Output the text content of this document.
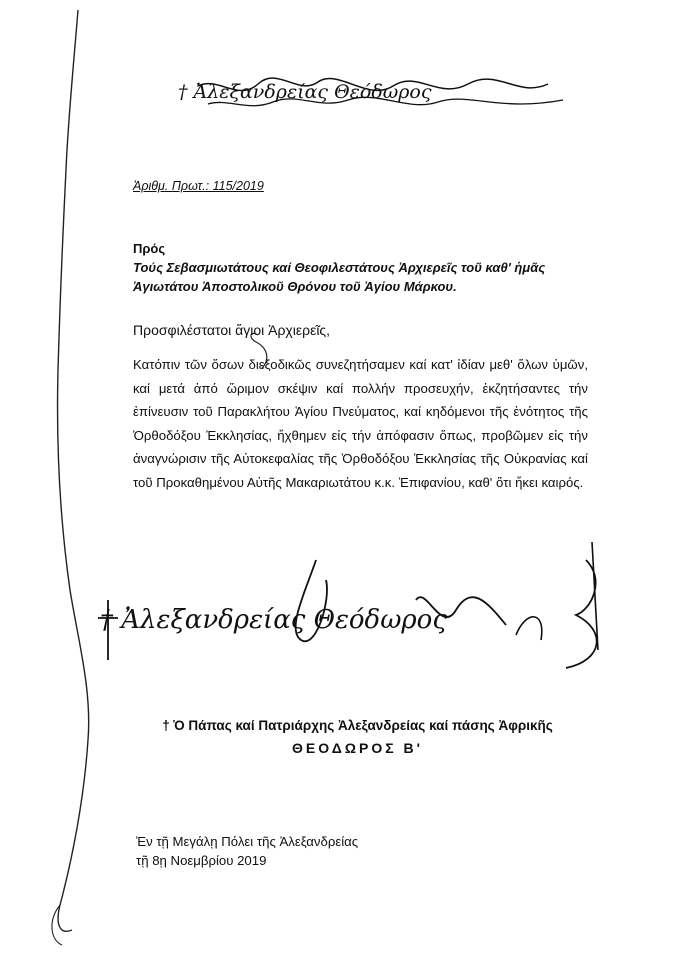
† Ἀλεξανδρείας Θεόδωρος
Ἀριθμ. Πρωτ.: 115/2019
Πρός
Τούς Σεβασμιωτάτους καί Θεοφιλεστάτους Ἀρχιερεῖς τοῦ καθ' ἡμᾶς
Ἁγιωτάτου Ἀποστολικοῦ Θρόνου τοῦ Ἁγίου Μάρκου.
Προσφιλέστατοι ἅγιοι Ἀρχιερεῖς,
Κατόπιν τῶν ὅσων διεξοδικῶς συνεζητήσαμεν καί κατ' ἰδίαν μεθ' ὅλων ὑμῶν, καί μετά ἀπό ὥριμον σκέψιν καί πολλήν προσευχήν, ἐκζητήσαντες τήν ἐπίνευσιν τοῦ Παρακλήτου Ἁγίου Πνεύματος, καί κηδόμενοι τῆς ἑνότητος τῆς Ὀρθοδόξου Ἐκκλησίας, ἤχθημεν εἰς τήν ἀπόφασιν ὅπως, προβῶμεν εἰς τήν ἀναγνώρισιν τῆς Αὐτοκεφαλίας τῆς Ὀρθοδόξου Ἐκκλησίας τῆς Οὐκρανίας καί τοῦ Προκαθημένου Αὐτῆς Μακαριωτάτου κ.κ. Ἐπιφανίου, καθ' ὅτι ἤκει καιρός.
† Ἀλεξανδρείας Θεόδωρος
† Ὁ Πάπας καί Πατριάρχης Ἀλεξανδρείας καί πάσης Ἀφρικῆς
ΘΕΟΔΩΡΟΣ Β'
Ἐν τῇ Μεγάλῃ Πόλει τῆς Ἀλεξανδρείας
τῇ 8ῃ Νοεμβρίου 2019
